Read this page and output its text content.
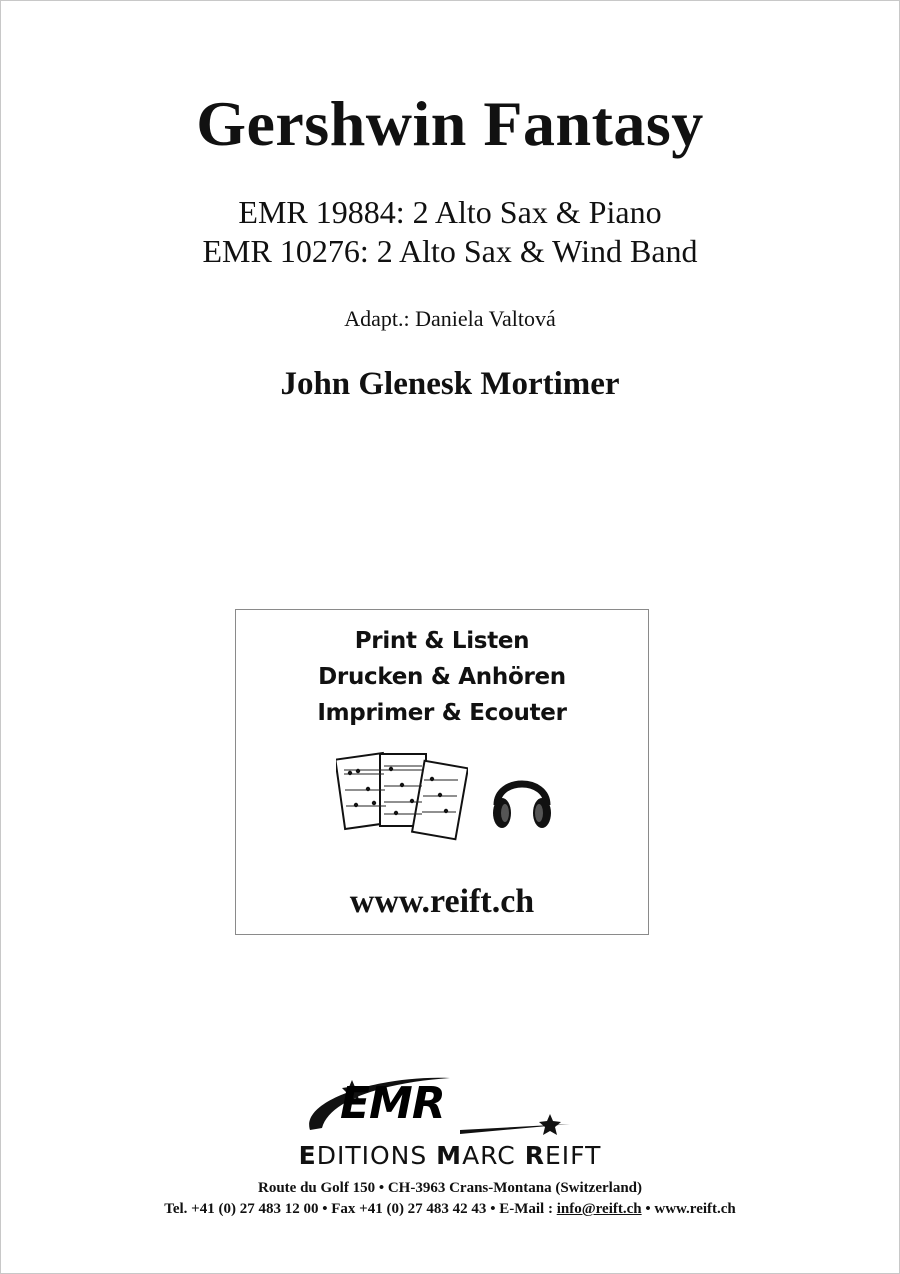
Gershwin Fantasy
EMR 19884: 2 Alto Sax & Piano
EMR 10276: 2 Alto Sax & Wind Band
Adapt.: Daniela Valtová
John Glenesk Mortimer
Print & Listen
Drucken & Anhören
Imprimer & Ecouter
www.reift.ch
EMR
EDITIONS MARC REIFT
Route du Golf 150 • CH-3963 Crans-Montana (Switzerland)
Tel. +41 (0) 27 483 12 00 • Fax +41 (0) 27 483 42 43 • E-Mail : info@reift.ch • www.reift.ch
